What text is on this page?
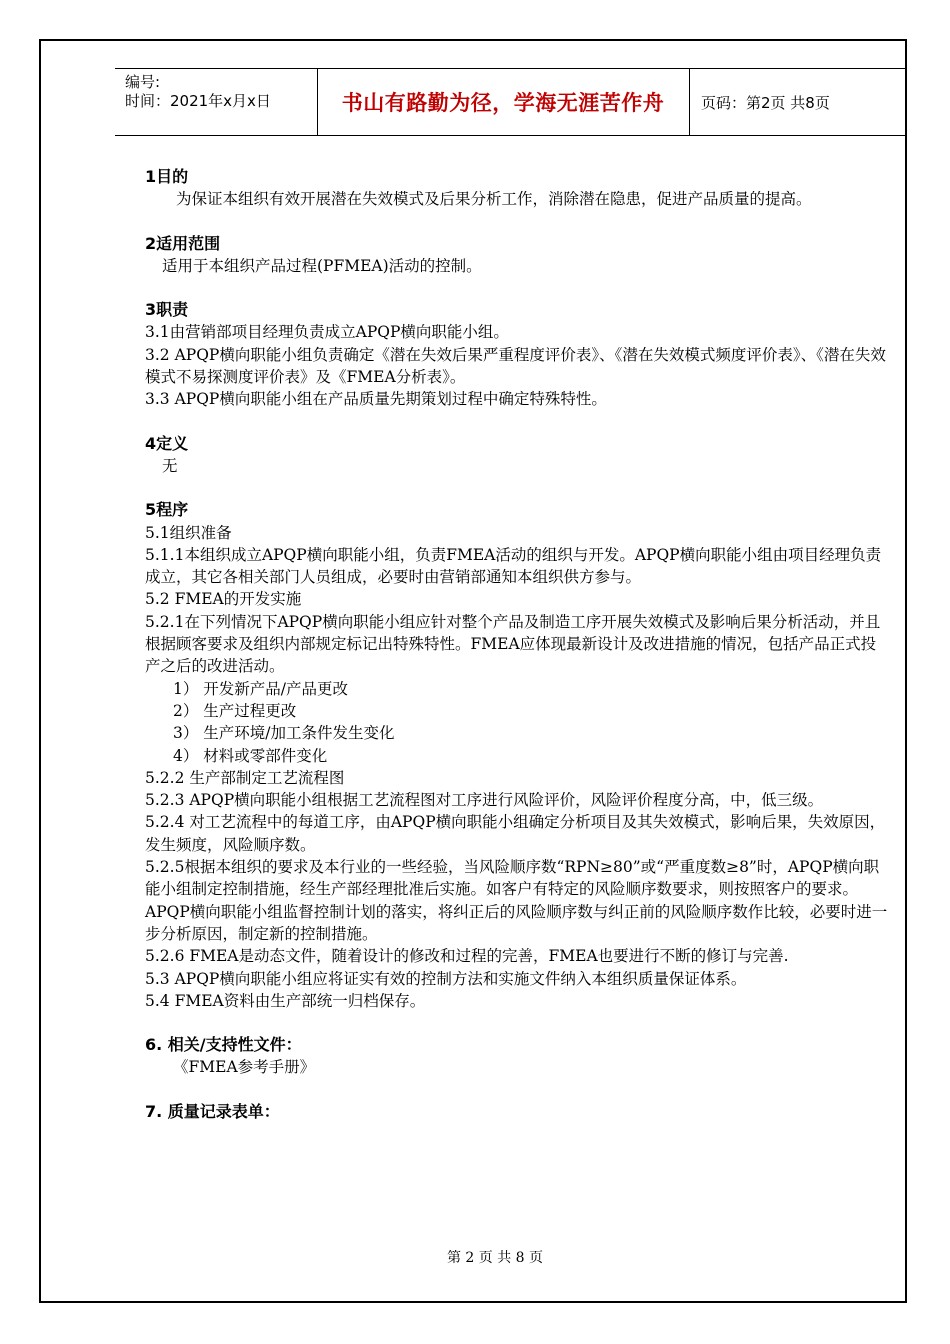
编号:
时间：2021年x月x日	书山有路勤为径，学海无涯苦作舟	页码：第2页 共8页

1目的

为保证本组织有效开展潜在失效模式及后果分析工作，消除潜在隐患，促进产品质量的提高。

2适用范围

适用于本组织产品过程(PFMEA)活动的控制。

3职责

3.1由营销部项目经理负责成立APQP横向职能小组。

3.2 APQP横向职能小组负责确定《潜在失效后果严重程度评价表》、《潜在失效模式频度评价表》、《潜在失效模式不易探测度评价表》及《FMEA分析表》。

3.3 APQP横向职能小组在产品质量先期策划过程中确定特殊特性。

4定义

无

5程序

5.1组织准备

5.1.1本组织成立APQP横向职能小组，负责FMEA活动的组织与开发。APQP横向职能小组由项目经理负责成立，其它各相关部门人员组成，必要时由营销部通知本组织供方参与。

5.2 FMEA的开发实施

5.2.1在下列情况下APQP横向职能小组应针对整个产品及制造工序开展失效模式及影响后果分析活动，并且根据顾客要求及组织内部规定标记出特殊特性。FMEA应体现最新设计及改进措施的情况，包括产品正式投产之后的改进活动。

1） 开发新产品/产品更改

2） 生产过程更改

3） 生产环境/加工条件发生变化

4） 材料或零部件变化

5.2.2 生产部制定工艺流程图

5.2.3 APQP横向职能小组根据工艺流程图对工序进行风险评价，风险评价程度分高，中，低三级。

5.2.4 对工艺流程中的每道工序，由APQP横向职能小组确定分析项目及其失效模式，影响后果，失效原因，发生频度，风险顺序数。

5.2.5根据本组织的要求及本行业的一些经验，当风险顺序数“RPN≥80”或“严重度数≥8”时，APQP横向职能小组制定控制措施，经生产部经理批准后实施。如客户有特定的风险顺序数要求，则按照客户的要求。APQP横向职能小组监督控制计划的落实，将纠正后的风险顺序数与纠正前的风险顺序数作比较，必要时进一步分析原因，制定新的控制措施。

5.2.6 FMEA是动态文件，随着设计的修改和过程的完善，FMEA也要进行不断的修订与完善.

5.3 APQP横向职能小组应将证实有效的控制方法和实施文件纳入本组织质量保证体系。

5.4 FMEA资料由生产部统一归档保存。

6. 相关/支持性文件：

《FMEA参考手册》

7. 质量记录表单：

第 2 页 共 8 页
